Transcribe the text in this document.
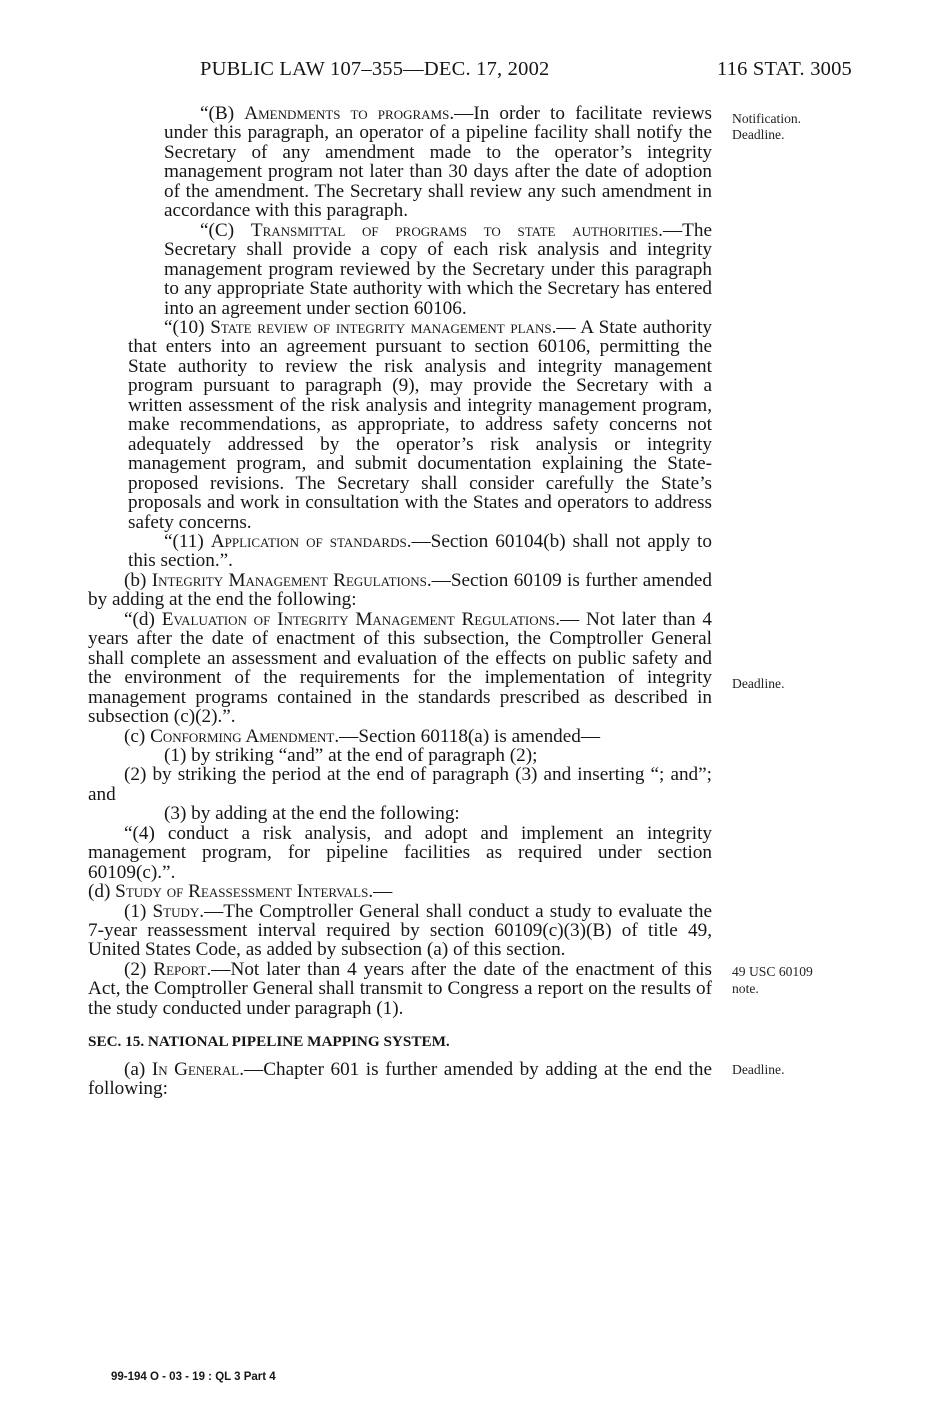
PUBLIC LAW 107–355—DEC. 17, 2002	116 STAT. 3005
Notification.
Deadline.
Deadline.
49 USC 60109
note.
Deadline.

“(B) Amendments to programs.—In order to facilitate reviews under this paragraph, an operator of a pipeline facility shall notify the Secretary of any amendment made to the operator’s integrity management program not later than 30 days after the date of adoption of the amendment. The Secretary shall review any such amendment in accordance with this paragraph.

“(C) Transmittal of programs to state authorities.—The Secretary shall provide a copy of each risk analysis and integrity management program reviewed by the Secretary under this paragraph to any appropriate State authority with which the Secretary has entered into an agreement under section 60106.

“(10) State review of integrity management plans.— A State authority that enters into an agreement pursuant to section 60106, permitting the State authority to review the risk analysis and integrity management program pursuant to paragraph (9), may provide the Secretary with a written assessment of the risk analysis and integrity management program, make recommendations, as appropriate, to address safety concerns not adequately addressed by the operator’s risk analysis or integrity management program, and submit documentation explaining the State-proposed revisions. The Secretary shall consider carefully the State’s proposals and work in consultation with the States and operators to address safety concerns.

“(11) Application of standards.—Section 60104(b) shall not apply to this section.”.

(b) Integrity Management Regulations.—Section 60109 is further amended by adding at the end the following:

“(d) Evaluation of Integrity Management Regulations.— Not later than 4 years after the date of enactment of this subsection, the Comptroller General shall complete an assessment and evaluation of the effects on public safety and the environment of the requirements for the implementation of integrity management programs contained in the standards prescribed as described in subsection (c)(2).”.

(c) Conforming Amendment.—Section 60118(a) is amended—

(1) by striking “and” at the end of paragraph (2);

(2) by striking the period at the end of paragraph (3) and inserting “; and”; and

(3) by adding at the end the following:

“(4) conduct a risk analysis, and adopt and implement an integrity management program, for pipeline facilities as required under section 60109(c).”.

(d) Study of Reassessment Intervals.—

(1) Study.—The Comptroller General shall conduct a study to evaluate the 7-year reassessment interval required by section 60109(c)(3)(B) of title 49, United States Code, as added by subsection (a) of this section.

(2) Report.—Not later than 4 years after the date of the enactment of this Act, the Comptroller General shall transmit to Congress a report on the results of the study conducted under paragraph (1).

SEC. 15. NATIONAL PIPELINE MAPPING SYSTEM.

(a) In General.—Chapter 601 is further amended by adding at the end the following:

99-194 O - 03 - 19 : QL 3 Part 4
